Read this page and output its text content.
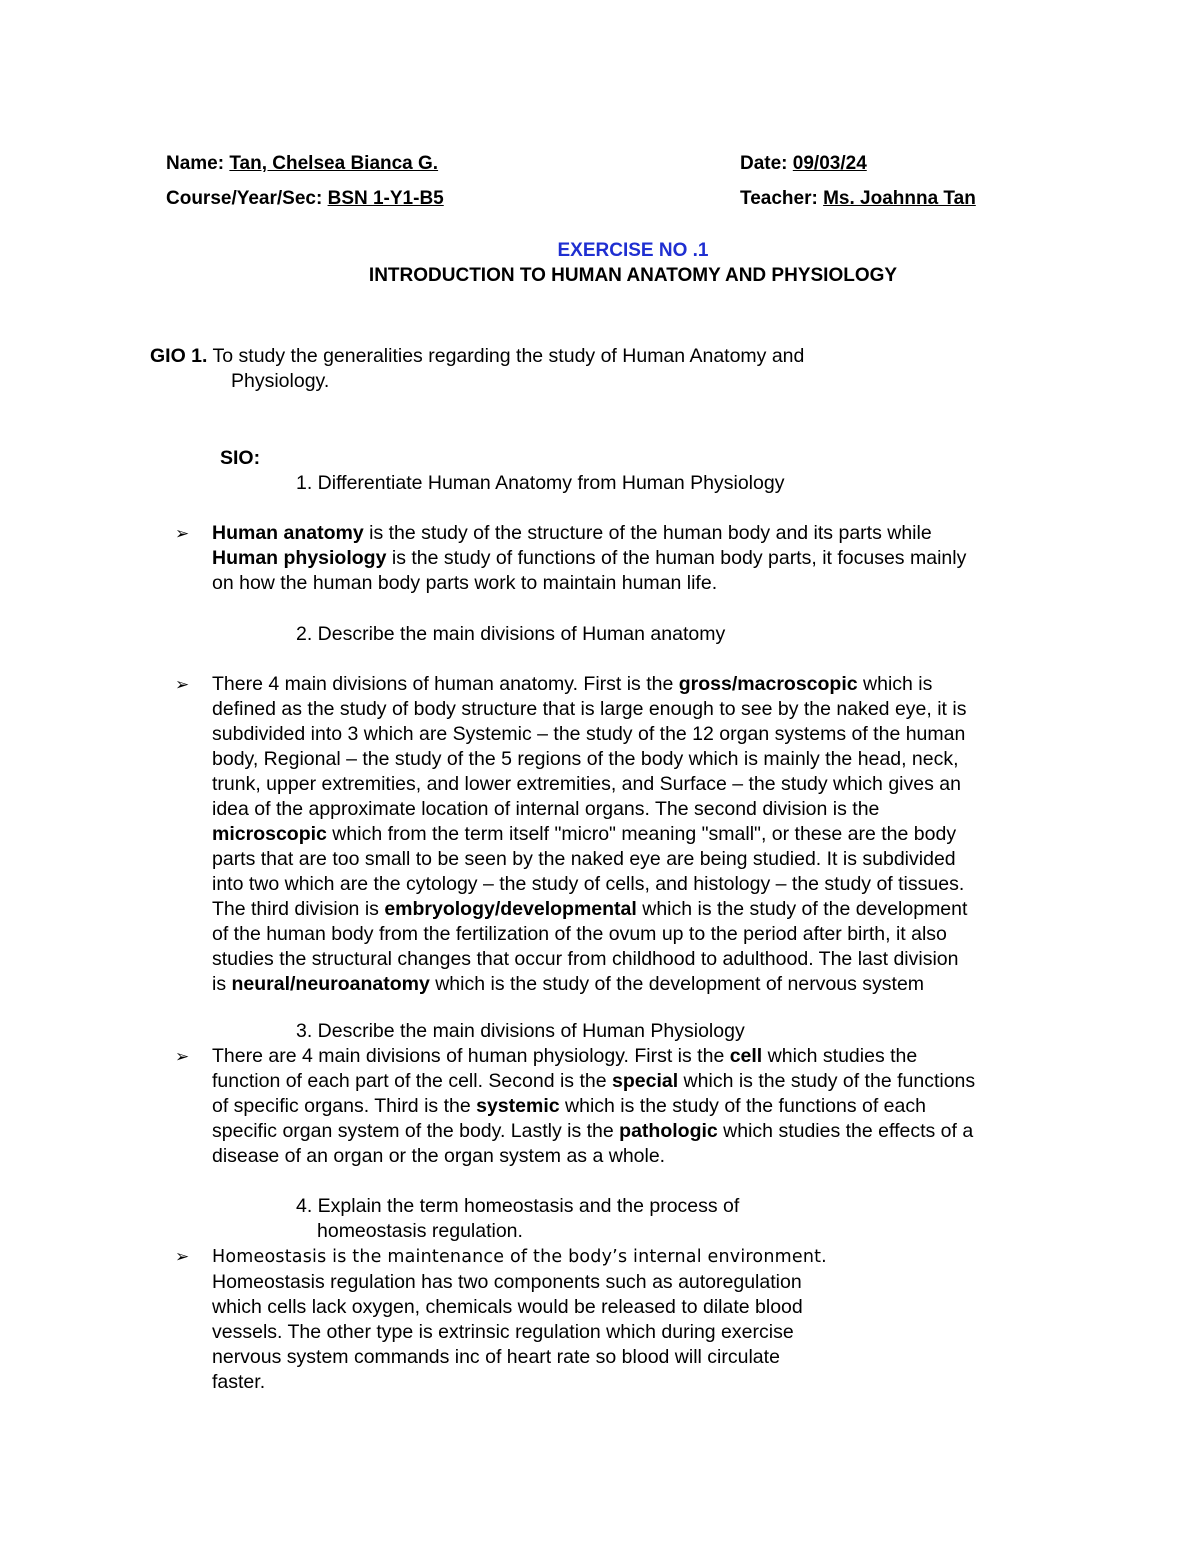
Name: Tan, Chelsea Bianca G.	Date: 09/03/24
Course/Year/Sec: BSN 1-Y1-B5	Teacher: Ms. Joahnna Tan
EXERCISE NO .1
INTRODUCTION TO HUMAN ANATOMY AND PHYSIOLOGY
GIO 1. To study the generalities regarding the study of Human Anatomy and
Physiology.
SIO:
1. Differentiate Human Anatomy from Human Physiology
➢ Human anatomy is the study of the structure of the human body and its parts while
Human physiology is the study of functions of the human body parts, it focuses mainly
on how the human body parts work to maintain human life.
2. Describe the main divisions of Human anatomy
➢ There 4 main divisions of human anatomy. First is the gross/macroscopic which is
defined as the study of body structure that is large enough to see by the naked eye, it is
subdivided into 3 which are Systemic – the study of the 12 organ systems of the human
body, Regional – the study of the 5 regions of the body which is mainly the head, neck,
trunk, upper extremities, and lower extremities, and Surface – the study which gives an
idea of the approximate location of internal organs. The second division is the
microscopic which from the term itself "micro" meaning "small", or these are the body
parts that are too small to be seen by the naked eye are being studied. It is subdivided
into two which are the cytology – the study of cells, and histology – the study of tissues.
The third division is embryology/developmental which is the study of the development
of the human body from the fertilization of the ovum up to the period after birth, it also
studies the structural changes that occur from childhood to adulthood. The last division
is neural/neuroanatomy which is the study of the development of nervous system
3. Describe the main divisions of Human Physiology
➢ There are 4 main divisions of human physiology. First is the cell which studies the
function of each part of the cell. Second is the special which is the study of the functions
of specific organs. Third is the systemic which is the study of the functions of each
specific organ system of the body. Lastly is the pathologic which studies the effects of a
disease of an organ or the organ system as a whole.
4. Explain the term homeostasis and the process of
homeostasis regulation.
➢ Homeostasis is the maintenance of the body’s internal environment.
Homeostasis regulation has two components such as autoregulation
which cells lack oxygen, chemicals would be released to dilate blood
vessels. The other type is extrinsic regulation which during exercise
nervous system commands inc of heart rate so blood will circulate
faster.
